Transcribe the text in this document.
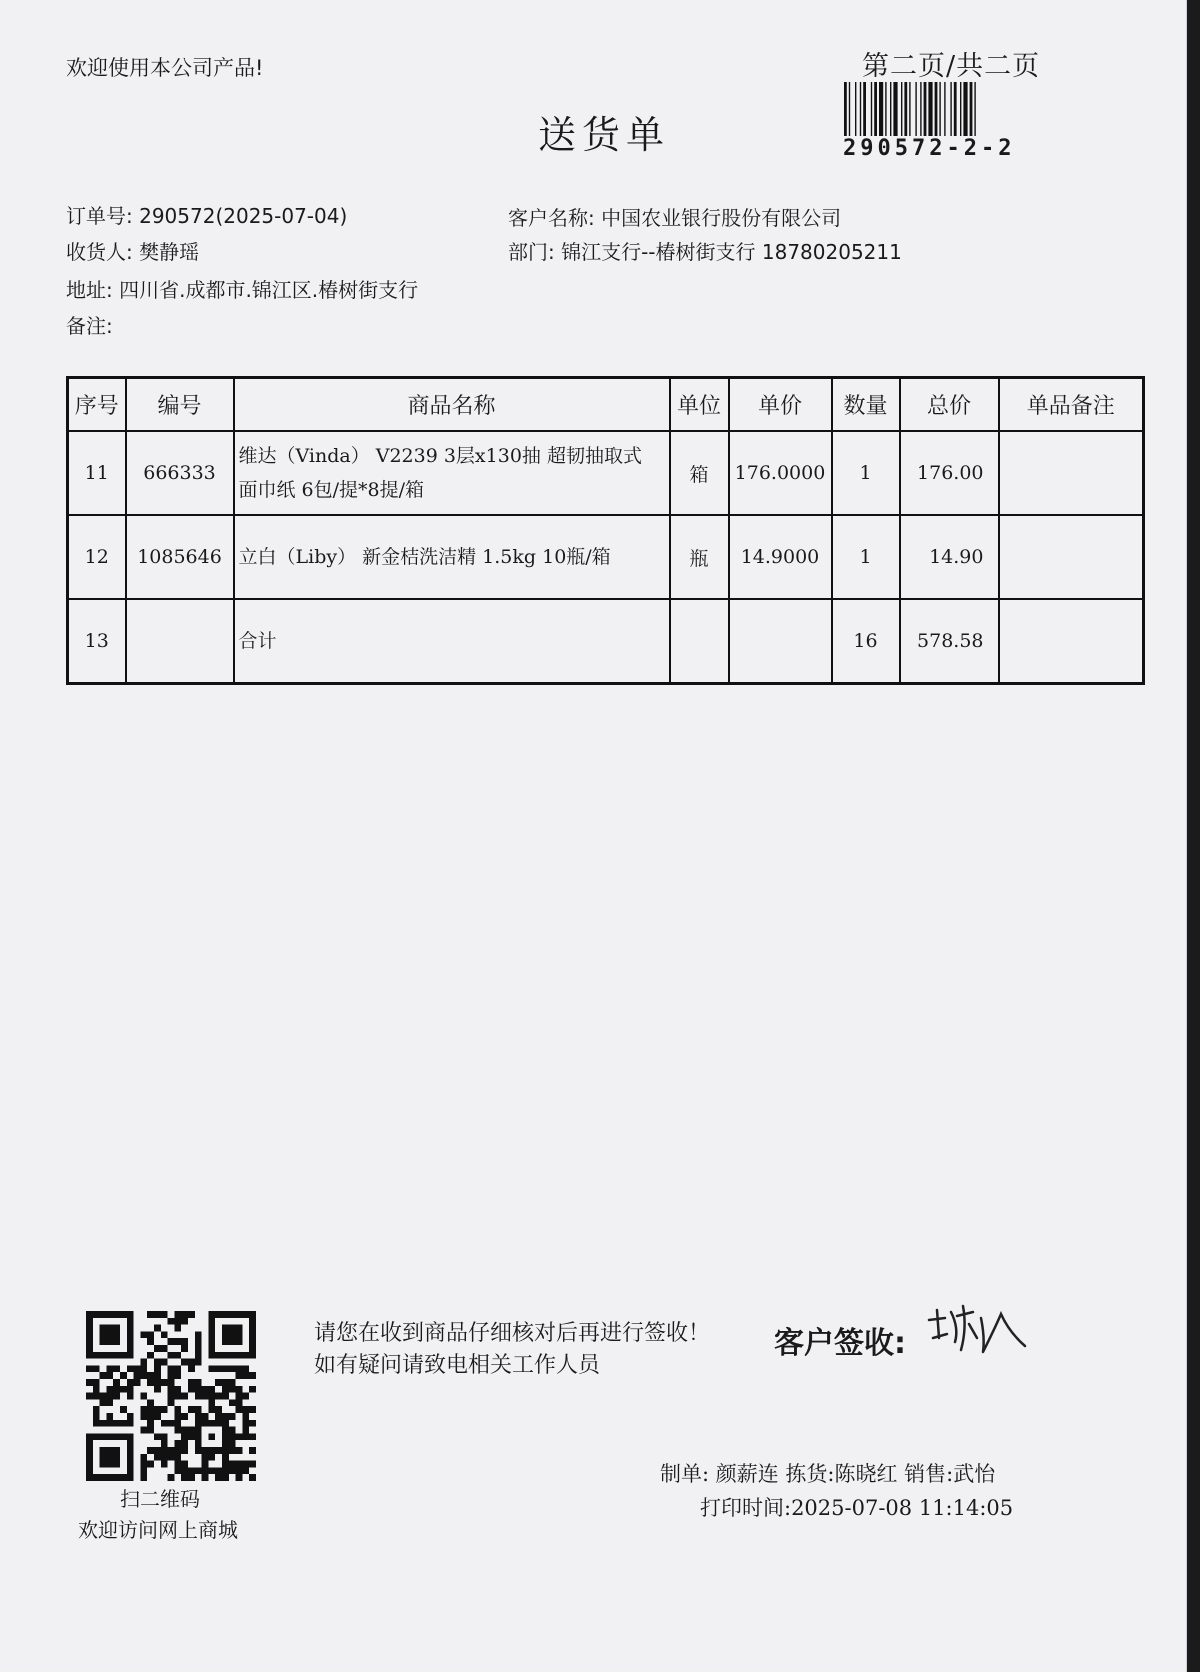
欢迎使用本公司产品!	第二页/共二页
送货单	290572-2-2
订单号: 290572(2025-07-04)
收货人: 樊静瑶
地址: 四川省.成都市.锦江区.椿树街支行
备注:
客户名称: 中国农业银行股份有限公司
部门: 锦江支行--椿树街支行 18780205211
序号	编号	商品名称	单位	单价	数量	总价	单品备注
11	666333	维达（Vinda） V2239 3层x130抽 超韧抽取式
面巾纸 6包/提*8提/箱	箱	176.0000	1	176.00	
12	1085646	立白（Liby） 新金桔洗洁精 1.5kg 10瓶/箱	瓶	14.9000	1	14.90	
13		合计			16	578.58	
扫二维码
欢迎访问网上商城
请您在收到商品仔细核对后再进行签收！如有疑问请致电相关工作人员
客户签收:
制单: 颜薪连 拣货:陈晓红 销售:武怡
打印时间:2025-07-08 11:14:05
